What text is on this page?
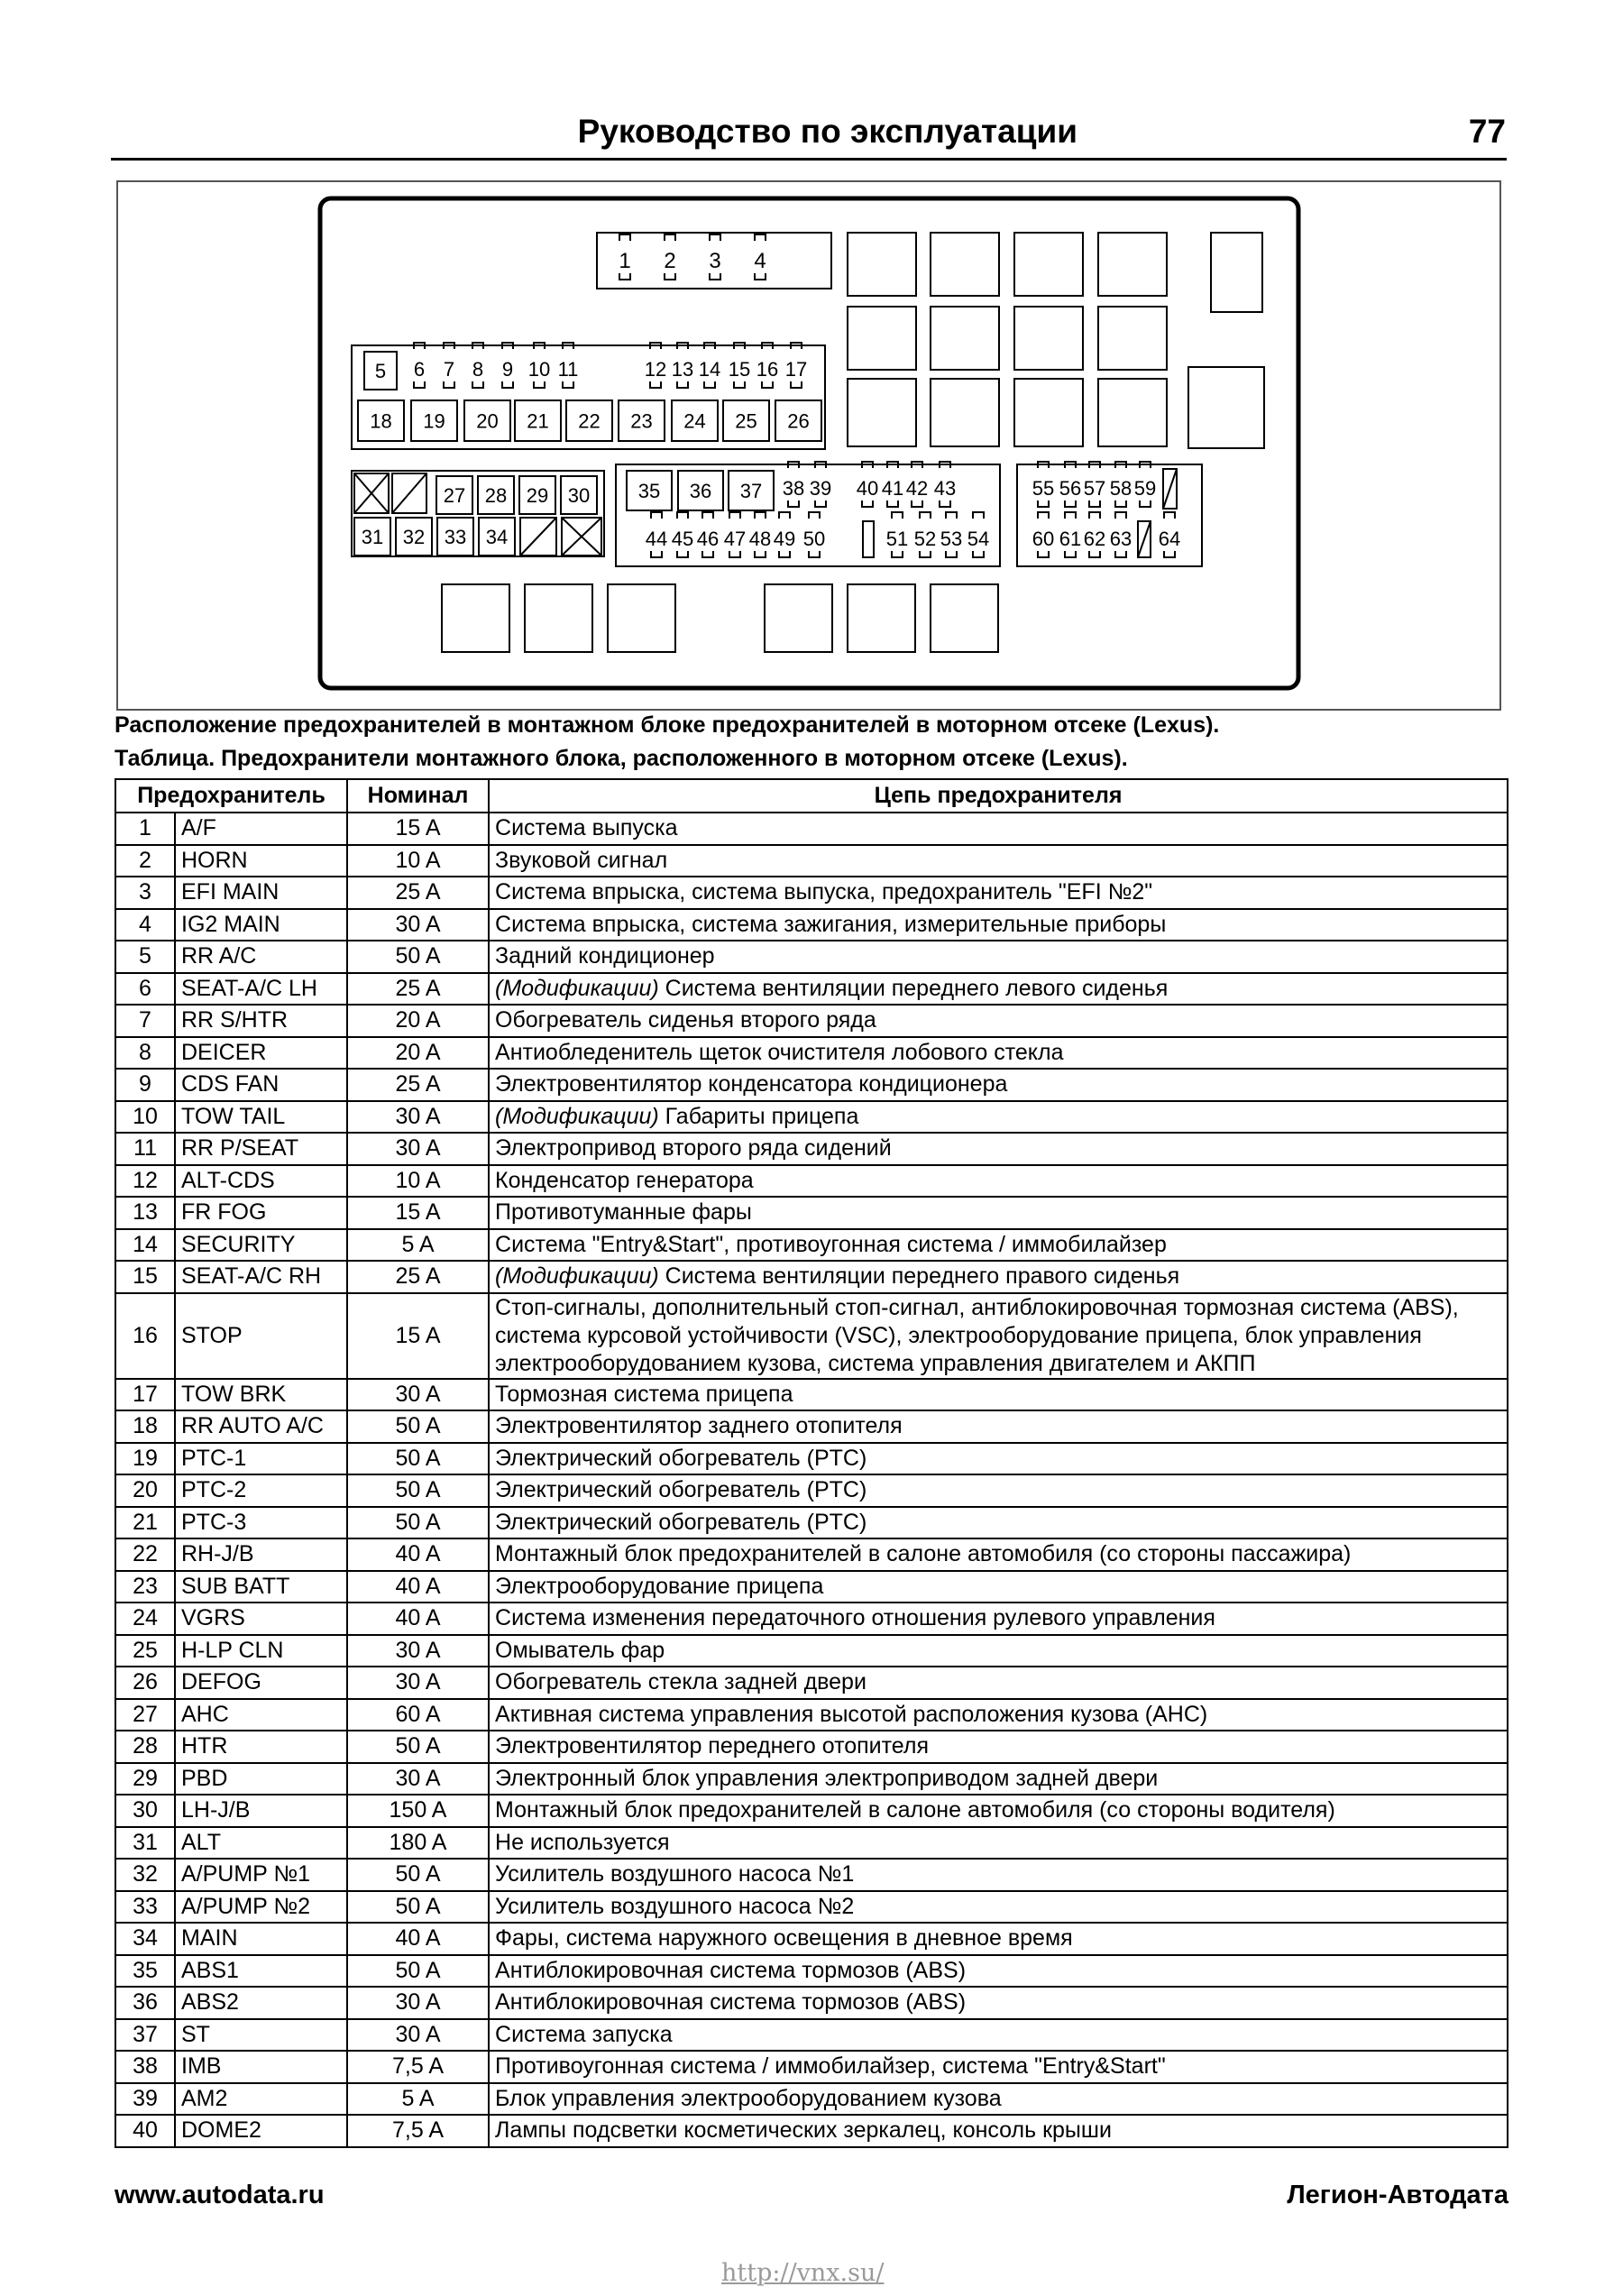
Руководство по эксплуатации	77
1 2 3 4
5 6 7 8 9 10 11	12 13 14 15 16 17
18 19 20 21 22 23 24 25 26
27 28 29 30
31 32 33 34
35 36 37 38 39 40 41 42 43
44 45 46 47 48 49 50	51 52 53 54
55 56 57 58 59
60 61 62 63 64
Расположение предохранителей в монтажном блоке предохранителей в моторном отсеке (Lexus).
Таблица. Предохранители монтажного блока, расположенного в моторном отсеке (Lexus).
Предохранитель		Номинал	Цепь предохранителя
1	A/F	15 A	Система выпуска
2	HORN	10 A	Звуковой сигнал
3	EFI MAIN	25 A	Система впрыска, система выпуска, предохранитель "EFI №2"
4	IG2 MAIN	30 A	Система впрыска, система зажигания, измерительные приборы
5	RR A/C	50 A	Задний кондиционер
6	SEAT-A/C LH	25 A	(Модификации) Система вентиляции переднего левого сиденья
7	RR S/HTR	20 A	Обогреватель сиденья второго ряда
8	DEICER	20 A	Антиобледенитель щеток очистителя лобового стекла
9	CDS FAN	25 A	Электровентилятор конденсатора кондиционера
10	TOW TAIL	30 A	(Модификации) Габариты прицепа
11	RR P/SEAT	30 A	Электропривод второго ряда сидений
12	ALT-CDS	10 A	Конденсатор генератора
13	FR FOG	15 A	Противотуманные фары
14	SECURITY	5 A	Система "Entry&Start", противоугонная система / иммобилайзер
15	SEAT-A/C RH	25 A	(Модификации) Система вентиляции переднего правого сиденья
16	STOP	15 A	Стоп-сигналы, дополнительный стоп-сигнал, антиблокировочная тормозная система (ABS), система курсовой устойчивости (VSC), электрооборудование прицепа, блок управления электрооборудованием кузова, система управления двигателем и АКПП
17	TOW BRK	30 A	Тормозная система прицепа
18	RR AUTO A/C	50 A	Электровентилятор заднего отопителя
19	PTC-1	50 A	Электрический обогреватель (PTC)
20	PTC-2	50 A	Электрический обогреватель (PTC)
21	PTC-3	50 A	Электрический обогреватель (PTC)
22	RH-J/B	40 A	Монтажный блок предохранителей в салоне автомобиля (со стороны пассажира)
23	SUB BATT	40 A	Электрооборудование прицепа
24	VGRS	40 A	Система изменения передаточного отношения рулевого управления
25	H-LP CLN	30 A	Омыватель фар
26	DEFOG	30 A	Обогреватель стекла задней двери
27	AHC	60 A	Активная система управления высотой расположения кузова (AHC)
28	HTR	50 A	Электровентилятор переднего отопителя
29	PBD	30 A	Электронный блок управления электроприводом задней двери
30	LH-J/B	150 A	Монтажный блок предохранителей в салоне автомобиля (со стороны водителя)
31	ALT	180 A	Не используется
32	A/PUMP №1	50 A	Усилитель воздушного насоса №1
33	A/PUMP №2	50 A	Усилитель воздушного насоса №2
34	MAIN	40 A	Фары, система наружного освещения в дневное время
35	ABS1	50 A	Антиблокировочная система тормозов (ABS)
36	ABS2	30 A	Антиблокировочная система тормозов (ABS)
37	ST	30 A	Система запуска
38	IMB	7,5 A	Противоугонная система / иммобилайзер, система "Entry&Start"
39	AM2	5 A	Блок управления электрооборудованием кузова
40	DOME2	7,5 A	Лампы подсветки косметических зеркалец, консоль крыши
www.autodata.ru	Легион-Автодата
http://vnx.su/
